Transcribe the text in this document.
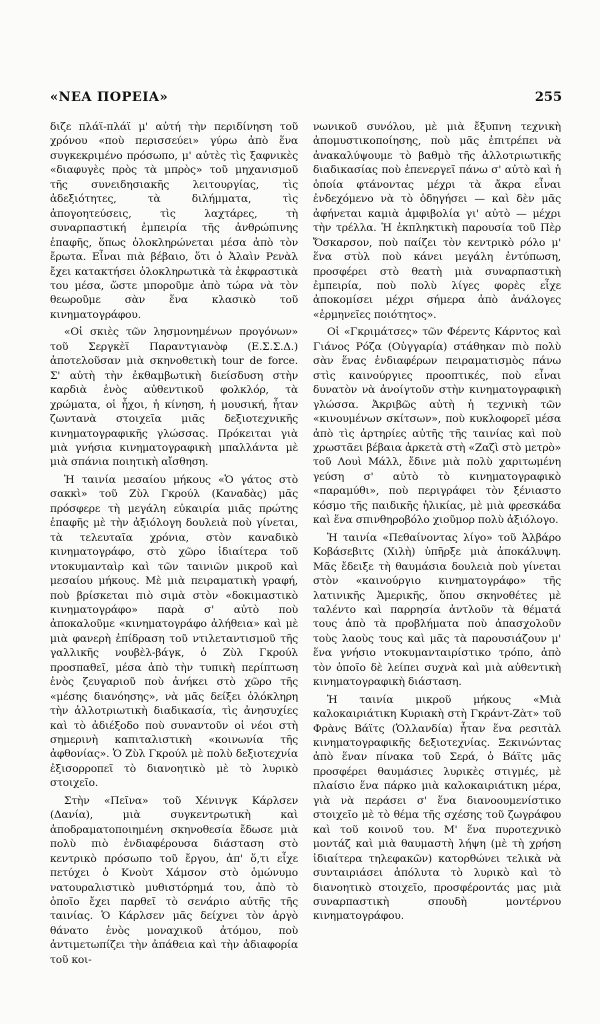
«ΝΕΑ ΠΟΡΕΙΑ»	255

διζε πλάϊ-πλάϊ μ' αὐτή τὴν περιδίνηση τοῦ χρόνου «ποὺ περισσεύει» γύρω ἀπὸ ἕνα συγκεκριμένο πρόσωπο, μ' αὐτὲς τὶς ξαφνικὲς «διαφυγὲς πρὸς τὰ μπρὸς» τοῦ μηχανισμοῦ τῆς συνειδησιακῆς λειτουργίας, τὶς ἀδεξιότητες, τὰ διλήμματα, τὶς ἀπογοητεύσεις, τὶς λαχτάρες, τὴ συναρπαστική ἐμπειρία τῆς ἀνθρώπινης ἐπαφῆς, ὅπως ὁλοκληρώνεται μέσα ἀπὸ τὸν ἔρωτα. Εἶναι πιὰ βέβαιο, ὅτι ὁ Ἀλαὶν Ρενὰλ ἔχει κατακτήσει ὁλοκληρωτικὰ τὰ ἐκφραστικὰ του μέσα, ὥστε μποροῦμε ἀπὸ τώρα νὰ τὸν θεωροῦμε σὰν ἕνα κλασικὸ τοῦ κινηματογράφου.

«Οἱ σκιὲς τῶν λησμονημένων προγόνων» τοῦ Σεργκὲϊ Παραντγιανὸφ (Ε.Σ.Σ.Δ.) ἀποτελοῦσαν μιὰ σκηνοθετικὴ tour de force. Σ' αὐτὴ τὴν ἐκθαμβωτικὴ διείσδυση στὴν καρδιὰ ἑνὸς αὐθεντικοῦ φολκλόρ, τὰ χρώματα, οἱ ἦχοι, ἡ κίνηση, ἡ μουσική, ἦταν ζωντανὰ στοιχεῖα μιᾶς δεξιοτεχνικῆς κινηματογραφικῆς γλώσσας. Πρόκειται γιὰ μιὰ γνήσια κινηματογραφικὴ μπαλλάντα μὲ μιὰ σπάνια ποιητικὴ αἴσθηση.

Ἡ ταινία μεσαίου μήκους «Ὁ γάτος στὸ σακκὶ» τοῦ Ζὺλ Γκρούλ (Καναδὰς) μᾶς πρόσφερε τὴ μεγάλη εὐκαιρία μιᾶς πρώτης ἐπαφῆς μὲ τὴν ἀξιόλογη δουλειὰ ποὺ γίνεται, τὰ τελευταῖα χρόνια, στὸν καναδικὸ κινηματογράφο, στὸ χῶρο ἰδιαίτερα τοῦ ντοκυμανταὶρ καὶ τῶν ταινιῶν μικροῦ καὶ μεσαίου μήκους. Μὲ μιὰ πειραματικὴ γραφή, ποὺ βρίσκεται πιὸ σιμὰ στὸν «δοκιμαστικὸ κινηματογράφο» παρὰ σ' αὐτὸ ποὺ ἀποκαλοῦμε «κινηματογράφο ἀλήθεια» καὶ μὲ μιὰ φανερὴ ἐπίδραση τοῦ ντιλεταντισμοῦ τῆς γαλλικῆς νουβὲλ-βάγκ, ὁ Ζὺλ Γκρούλ προσπαθεῖ, μέσα ἀπὸ τὴν τυπικὴ περίπτωση ἑνὸς ζευγαριοῦ ποὺ ἀνήκει στὸ χῶρο τῆς «μέσης διανόησης», νὰ μᾶς δείξει ὁλόκληρη τὴν ἀλλοτριωτικὴ διαδικασία, τὶς ἀνησυχίες καὶ τὸ ἀδιέξοδο ποὺ συναντοῦν οἱ νέοι στὴ σημερινὴ καπιταλιστικὴ «κοινωνία τῆς ἀφθονίας». Ὁ Ζὺλ Γκρούλ μὲ πολὺ δεξιοτεχνία ἐξισορροπεῖ τὸ διανοητικὸ μὲ τὸ λυρικὸ στοιχεῖο.

Στὴν «Πεῖνα» τοῦ Χένινγκ Κάρλσεν (Δανία), μιὰ συγκεντρωτικὴ καὶ ἀποδραματοποιημένη σκηνοθεσία ἔδωσε μιὰ πολὺ πιὸ ἐνδιαφέρουσα διάσταση στὸ κεντρικὸ πρόσωπο τοῦ ἔργου, ἀπ' ὅ,τι εἶχε πετύχει ὁ Κνοὺτ Χάμσον στὸ ὁμώνυμο νατουραλιστικὸ μυθιστόρημά του, ἀπὸ τὸ ὁποῖο ἔχει παρθεῖ τὸ σενάριο αὐτῆς τῆς ταινίας. Ὁ Κάρλσεν μᾶς δείχνει τὸν ἀργὸ θάνατο ἑνὸς μοναχικοῦ ἀτόμου, ποὺ ἀντιμετωπίζει τὴν ἀπάθεια καὶ τὴν ἀδιαφορία τοῦ κοι-

νωνικοῦ συνόλου, μὲ μιὰ ἔξυπνη τεχνικὴ ἀπομυστικοποίησης, ποὺ μᾶς ἐπιτρέπει νὰ ἀνακαλύψουμε τὸ βαθμὸ τῆς ἀλλοτριωτικῆς διαδικασίας ποὺ ἐπενεργεῖ πάνω σ' αὐτὸ καὶ ἡ ὁποία φτάνοντας μέχρι τὰ ἄκρα εἶναι ἐνδεχόμενο νὰ τὸ ὁδηγήσει — καὶ δὲν μᾶς ἀφήνεται καμιὰ ἀμφιβολία γι' αὐτὸ — μέχρι τὴν τρέλλα. Ἡ ἐκπληκτικὴ παρουσία τοῦ Πὲρ Ὄσκαρσον, ποὺ παίζει τὸν κεντρικὸ ρόλο μ' ἕνα στὺλ ποὺ κάνει μεγάλη ἐντύπωση, προσφέρει στὸ θεατὴ μιὰ συναρπαστικὴ ἐμπειρία, ποὺ πολὺ λίγες φορὲς εἶχε ἀποκομίσει μέχρι σήμερα ἀπὸ ἀνάλογες «ἑρμηνεῖες ποιότητος».

Οἱ «Γκριμάτσες» τῶν Φέρεντς Κάρντος καὶ Γιάνος Ρόζα (Οὑγγαρία) στάθηκαν πιὸ πολὺ σὰν ἕνας ἐνδιαφέρων πειραματισμὸς πάνω στὶς καινούργιες προοπτικές, ποὺ εἶναι δυνατὸν νὰ ἀνοίγτοῦν στὴν κινηματογραφικὴ γλώσσα. Ἀκριβῶς αὐτὴ ἡ τεχνικὴ τῶν «κινουμένων σκίτσων», ποὺ κυκλοφορεῖ μέσα ἀπὸ τὶς ἀρτηρίες αὐτῆς τῆς ταινίας καὶ ποὺ χρωστᾶει βέβαια ἀρκετὰ στὴ «Ζαζὶ στὸ μετρὸ» τοῦ Λουὶ Μάλλ, ἔδινε μιὰ πολὺ χαριτωμένη γεύση σ' αὐτὸ τὸ κινηματογραφικὸ «παραμύθι», ποὺ περιγράφει τὸν ξένιαστο κόσμο τῆς παιδικῆς ἡλικίας, μὲ μιὰ φρεσκάδα καὶ ἕνα σπινθηροβόλο χιοῦμορ πολὺ ἀξιόλογο.

Ἡ ταινία «Πεθαίνοντας λίγο» τοῦ Ἀλβάρο Κοβάσεβιτς (Χιλὴ) ὑπῆρξε μιὰ ἀποκάλυψη. Μᾶς ἔδειξε τὴ θαυμάσια δουλειὰ ποὺ γίνεται στὸν «καινούργιο κινηματογράφο» τῆς λατινικῆς Ἀμερικῆς, ὅπου σκηνοθέτες μὲ ταλέντο καὶ παρρησία ἀντλοῦν τὰ θέματά τους ἀπὸ τὰ προβλήματα ποὺ ἀπασχολοῦν τοὺς λαοὺς τους καὶ μᾶς τὰ παρουσιάζουν μ' ἕνα γνήσιο ντοκυμανταιρίστικο τρόπο, ἀπὸ τὸν ὁποῖο δὲ λείπει συχνὰ καὶ μιὰ αὐθεντικὴ κινηματογραφικὴ διάσταση.

Ἡ ταινία μικροῦ μήκους «Μιὰ καλοκαιριάτικη Κυριακὴ στὴ Γκράντ-Ζὰτ» τοῦ Φρὰνς Βάϊτς (Ὁλλανδία) ἦταν ἕνα ρεσιτὰλ κινηματογραφικῆς δεξιοτεχνίας. Ξεκινώντας ἀπὸ ἕναν πίνακα τοῦ Σερά, ὁ Βάϊτς μᾶς προσφέρει θαυμάσιες λυρικὲς στιγμές, μὲ πλαίσιο ἕνα πάρκο μιὰ καλοκαιριάτικη μέρα, γιὰ νὰ περάσει σ' ἕνα διανοουμενίστικο στοιχεῖο μὲ τὸ θέμα τῆς σχέσης τοῦ ζωγράφου καὶ τοῦ κοινοῦ του. Μ' ἕνα πυροτεχνικὸ μοντάζ καὶ μιὰ θαυμαστὴ λήψη (μὲ τὴ χρήση ἰδιαίτερα τηλεφακῶν) κατορθώνει τελικὰ νὰ συνταιριάσει ἁπόλυτα τὸ λυρικὸ καὶ τὸ διανοητικὸ στοιχεῖο, προσφέροντάς μας μιὰ συναρπαστικὴ σπουδὴ μοντέρνου κινηματογράφου.
